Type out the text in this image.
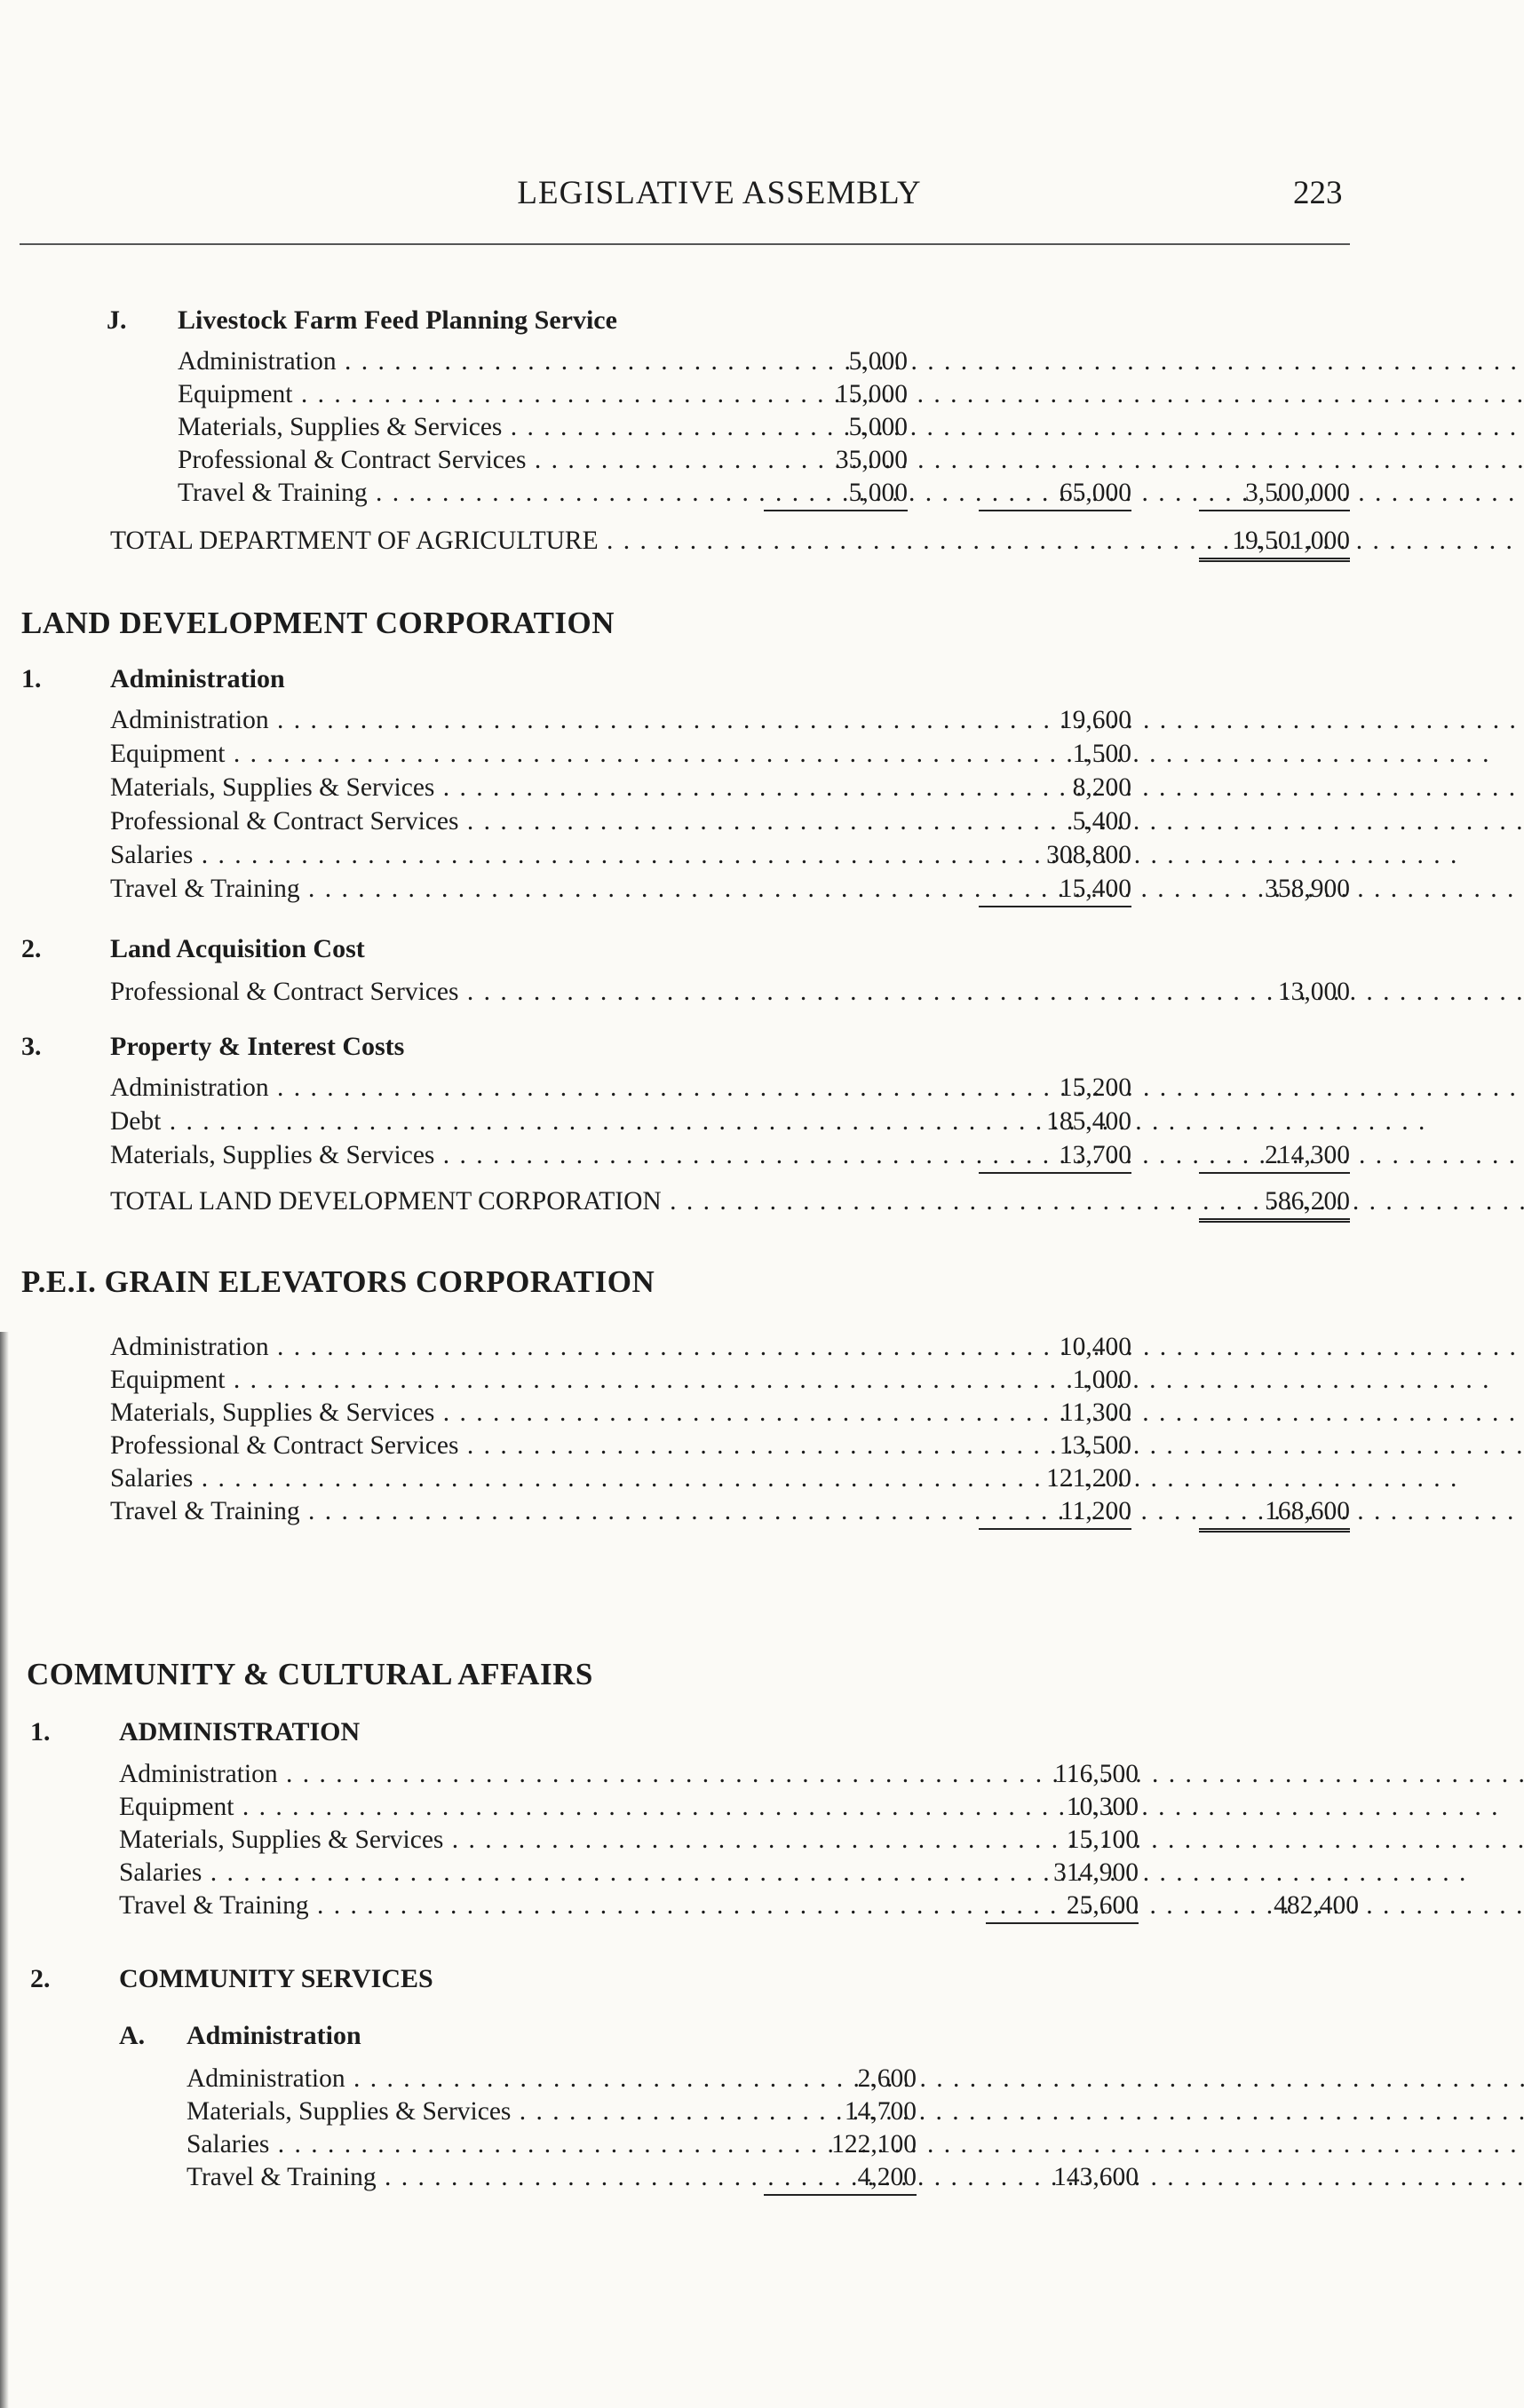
LEGISLATIVE ASSEMBLY	223
J. Livestock Farm Feed Planning Service
Administration . . .	5,000
Equipment . . .	15,000
Materials, Supplies & Services . . .	5,000
Professional & Contract Services . . .	35,000
Travel & Training . . .	5,000	65,000	3,500,000
TOTAL DEPARTMENT OF AGRICULTURE . . .	19,501,000
LAND DEVELOPMENT CORPORATION
1.	Administration
Administration . . .	19,600
Equipment . . .	1,500
Materials, Supplies & Services . . .	8,200
Professional & Contract Services . . .	5,400
Salaries . . .	308,800
Travel & Training . . .	15,400	358,900
2.	Land Acquisition Cost
Professional & Contract Services . . .	13,000
3.	Property & Interest Costs
Administration . . .	15,200
Debt . . .	185,400
Materials, Supplies & Services . . .	13,700	214,300
TOTAL LAND DEVELOPMENT CORPORATION . . .	586,200
P.E.I. GRAIN ELEVATORS CORPORATION
Administration . . .	10,400
Equipment . . .	1,000
Materials, Supplies & Services . . .	11,300
Professional & Contract Services . . .	13,500
Salaries . . .	121,200
Travel & Training . . .	11,200	168,600
COMMUNITY & CULTURAL AFFAIRS
1.	ADMINISTRATION
Administration . . .	116,500
Equipment . . .	10,300
Materials, Supplies & Services . . .	15,100
Salaries . . .	314,900
Travel & Training . . .	25,600	482,400
2.	COMMUNITY SERVICES
A. Administration
Administration . . .	2,600
Materials, Supplies & Services . . .	14,700
Salaries . . .	122,100
Travel & Training . . .	4,200	143,600
